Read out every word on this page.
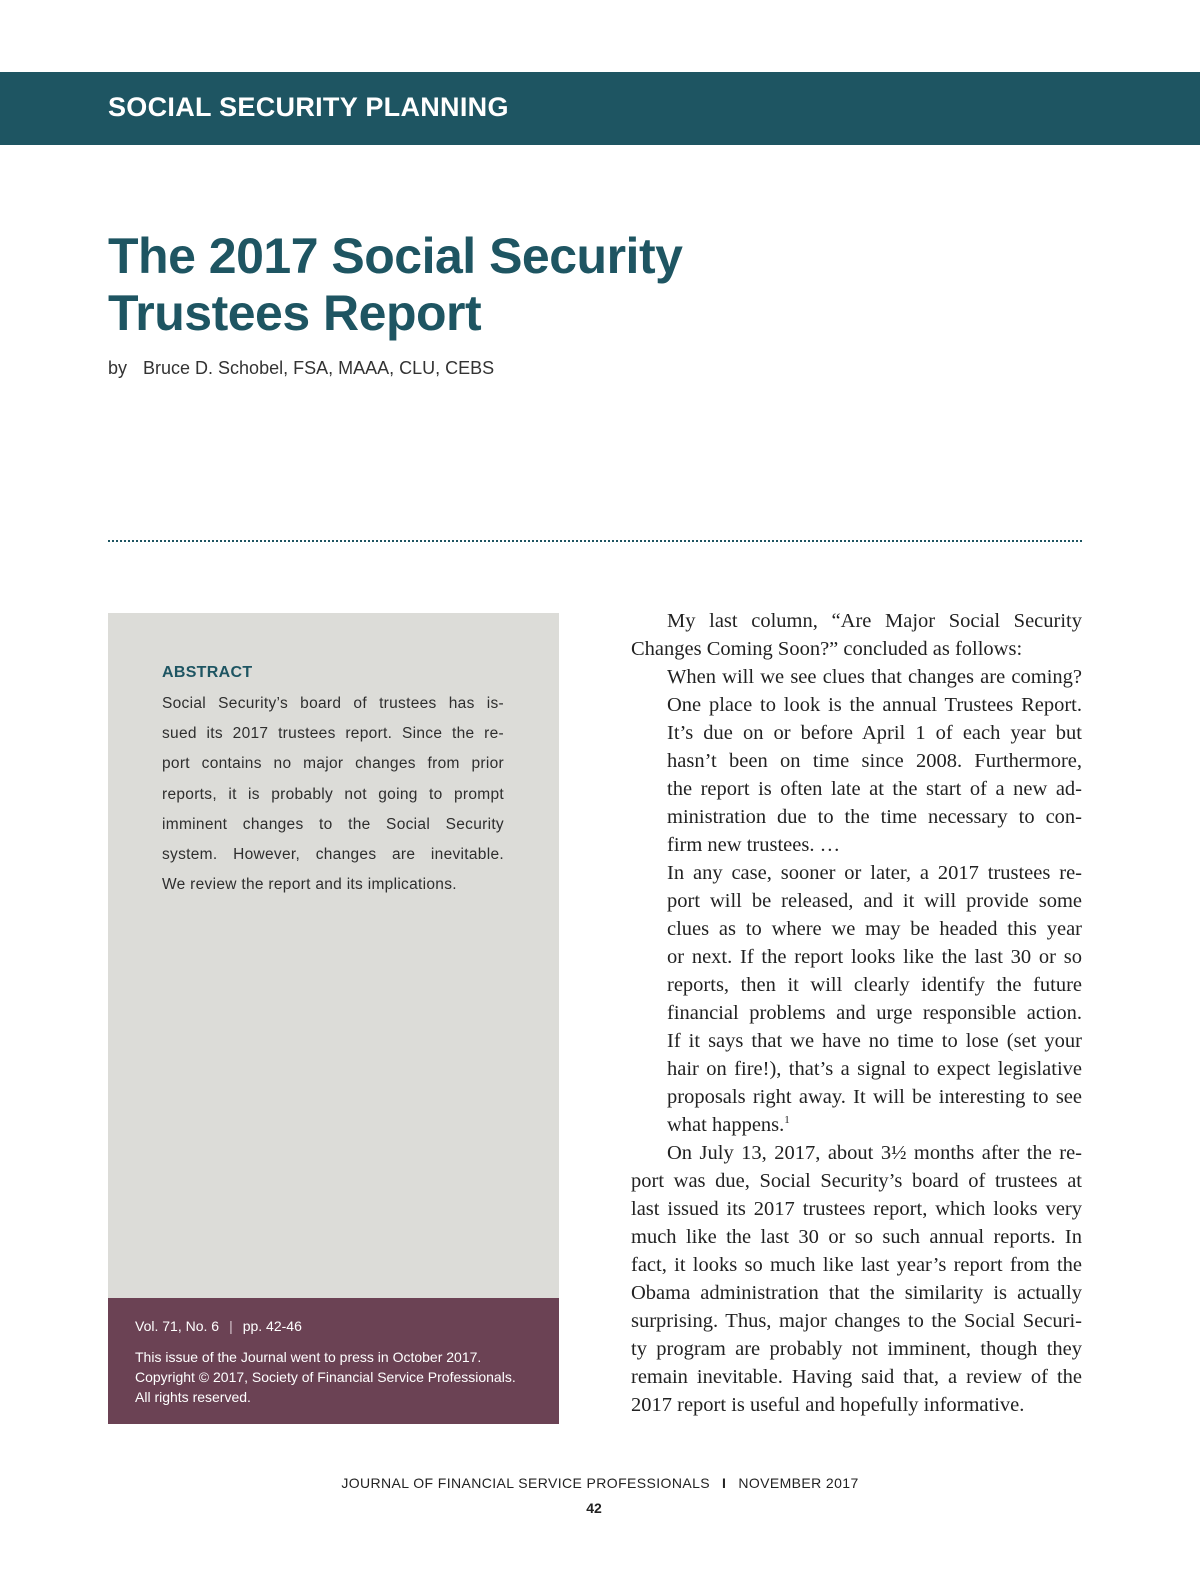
SOCIAL SECURITY PLANNING
The 2017 Social Security
Trustees Report
by Bruce D. Schobel, FSA, MAAA, CLU, CEBS
ABSTRACT
Social Security’s board of trustees has is-
sued its 2017 trustees report. Since the re-
port contains no major changes from prior
reports, it is probably not going to prompt
imminent changes to the Social Security
system. However, changes are inevitable.
We review the report and its implications.
Vol. 71, No. 6 | pp. 42-46
This issue of the Journal went to press in October 2017.
Copyright © 2017, Society of Financial Service Professionals.
All rights reserved.
My last column, “Are Major Social Security
Changes Coming Soon?” concluded as follows:
When will we see clues that changes are coming?
One place to look is the annual Trustees Report.
It’s due on or before April 1 of each year but
hasn’t been on time since 2008. Furthermore,
the report is often late at the start of a new ad-
ministration due to the time necessary to con-
firm new trustees. …
In any case, sooner or later, a 2017 trustees re-
port will be released, and it will provide some
clues as to where we may be headed this year
or next. If the report looks like the last 30 or so
reports, then it will clearly identify the future
financial problems and urge responsible action.
If it says that we have no time to lose (set your
hair on fire!), that’s a signal to expect legislative
proposals right away. It will be interesting to see
what happens.$^1$
On July 13, 2017, about 3½ months after the re-
port was due, Social Security’s board of trustees at
last issued its 2017 trustees report, which looks very
much like the last 30 or so such annual reports. In
fact, it looks so much like last year’s report from the
Obama administration that the similarity is actually
surprising. Thus, major changes to the Social Securi-
ty program are probably not imminent, though they
remain inevitable. Having said that, a review of the
2017 report is useful and hopefully informative.
JOURNAL OF FINANCIAL SERVICE PROFESSIONALS I NOVEMBER 2017
42
